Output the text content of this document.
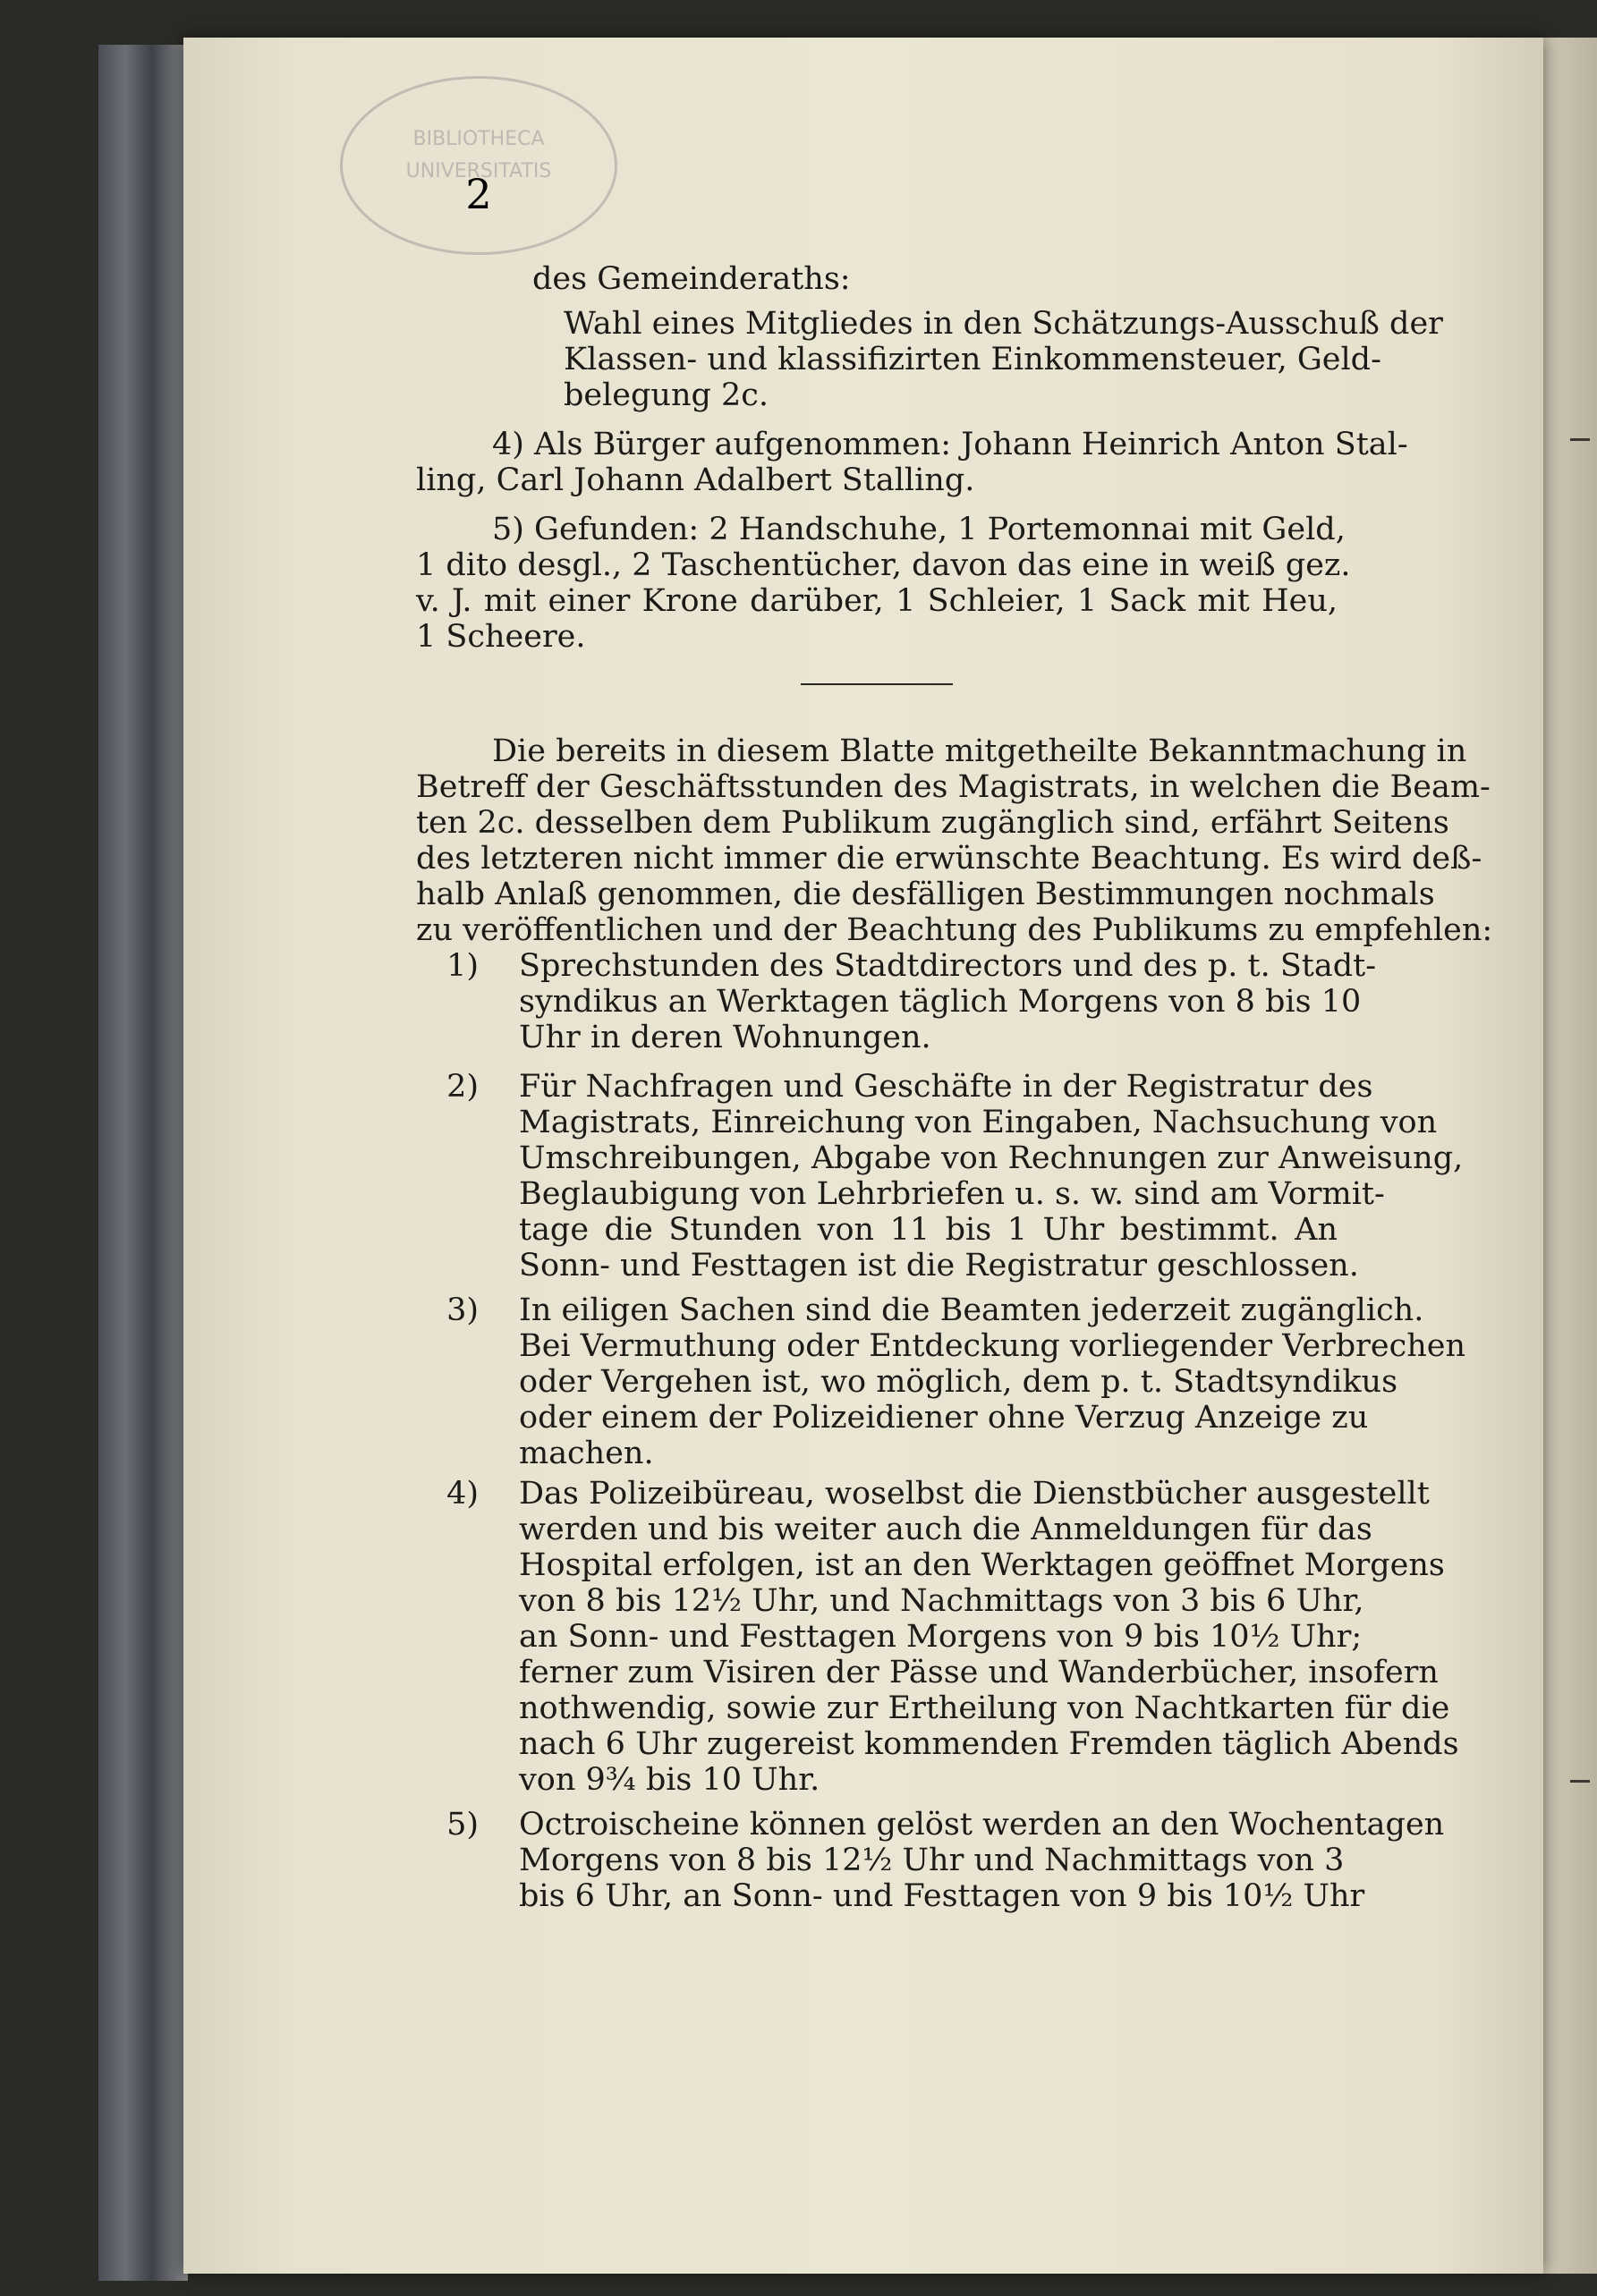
BIBLIOTHECA
UNIVERSITATIS
2
des Gemeinderaths:
Wahl eines Mitgliedes in den Schätzungs-Ausschuß der
Klassen- und klassifizirten Einkommensteuer, Geld-
belegung 2c.
4) Als Bürger aufgenommen: Johann Heinrich Anton Stal-
ling, Carl Johann Adalbert Stalling.
5) Gefunden: 2 Handschuhe, 1 Portemonnai mit Geld,
1 dito desgl., 2 Taschentücher, davon das eine in weiß gez.
v. J. mit einer Krone darüber, 1 Schleier, 1 Sack mit Heu,
1 Scheere.
Die bereits in diesem Blatte mitgetheilte Bekanntmachung in
Betreff der Geschäftsstunden des Magistrats, in welchen die Beam-
ten 2c. desselben dem Publikum zugänglich sind, erfährt Seitens
des letzteren nicht immer die erwünschte Beachtung. Es wird deß-
halb Anlaß genommen, die desfälligen Bestimmungen nochmals
zu veröffentlichen und der Beachtung des Publikums zu empfehlen:
1) Sprechstunden des Stadtdirectors und des p. t. Stadt-
syndikus an Werktagen täglich Morgens von 8 bis 10
Uhr in deren Wohnungen.
2) Für Nachfragen und Geschäfte in der Registratur des
Magistrats, Einreichung von Eingaben, Nachsuchung von
Umschreibungen, Abgabe von Rechnungen zur Anweisung,
Beglaubigung von Lehrbriefen u. s. w. sind am Vormit-
tage die Stunden von 11 bis 1 Uhr bestimmt. An
Sonn- und Festtagen ist die Registratur geschlossen.
3) In eiligen Sachen sind die Beamten jederzeit zugänglich.
Bei Vermuthung oder Entdeckung vorliegender Verbrechen
oder Vergehen ist, wo möglich, dem p. t. Stadtsyndikus
oder einem der Polizeidiener ohne Verzug Anzeige zu
machen.
4) Das Polizeibüreau, woselbst die Dienstbücher ausgestellt
werden und bis weiter auch die Anmeldungen für das
Hospital erfolgen, ist an den Werktagen geöffnet Morgens
von 8 bis 12½ Uhr, und Nachmittags von 3 bis 6 Uhr,
an Sonn- und Festtagen Morgens von 9 bis 10½ Uhr;
ferner zum Visiren der Pässe und Wanderbücher, insofern
nothwendig, sowie zur Ertheilung von Nachtkarten für die
nach 6 Uhr zugereist kommenden Fremden täglich Abends
von 9¾ bis 10 Uhr.
5) Octroischeine können gelöst werden an den Wochentagen
Morgens von 8 bis 12½ Uhr und Nachmittags von 3
bis 6 Uhr, an Sonn- und Festtagen von 9 bis 10½ Uhr
